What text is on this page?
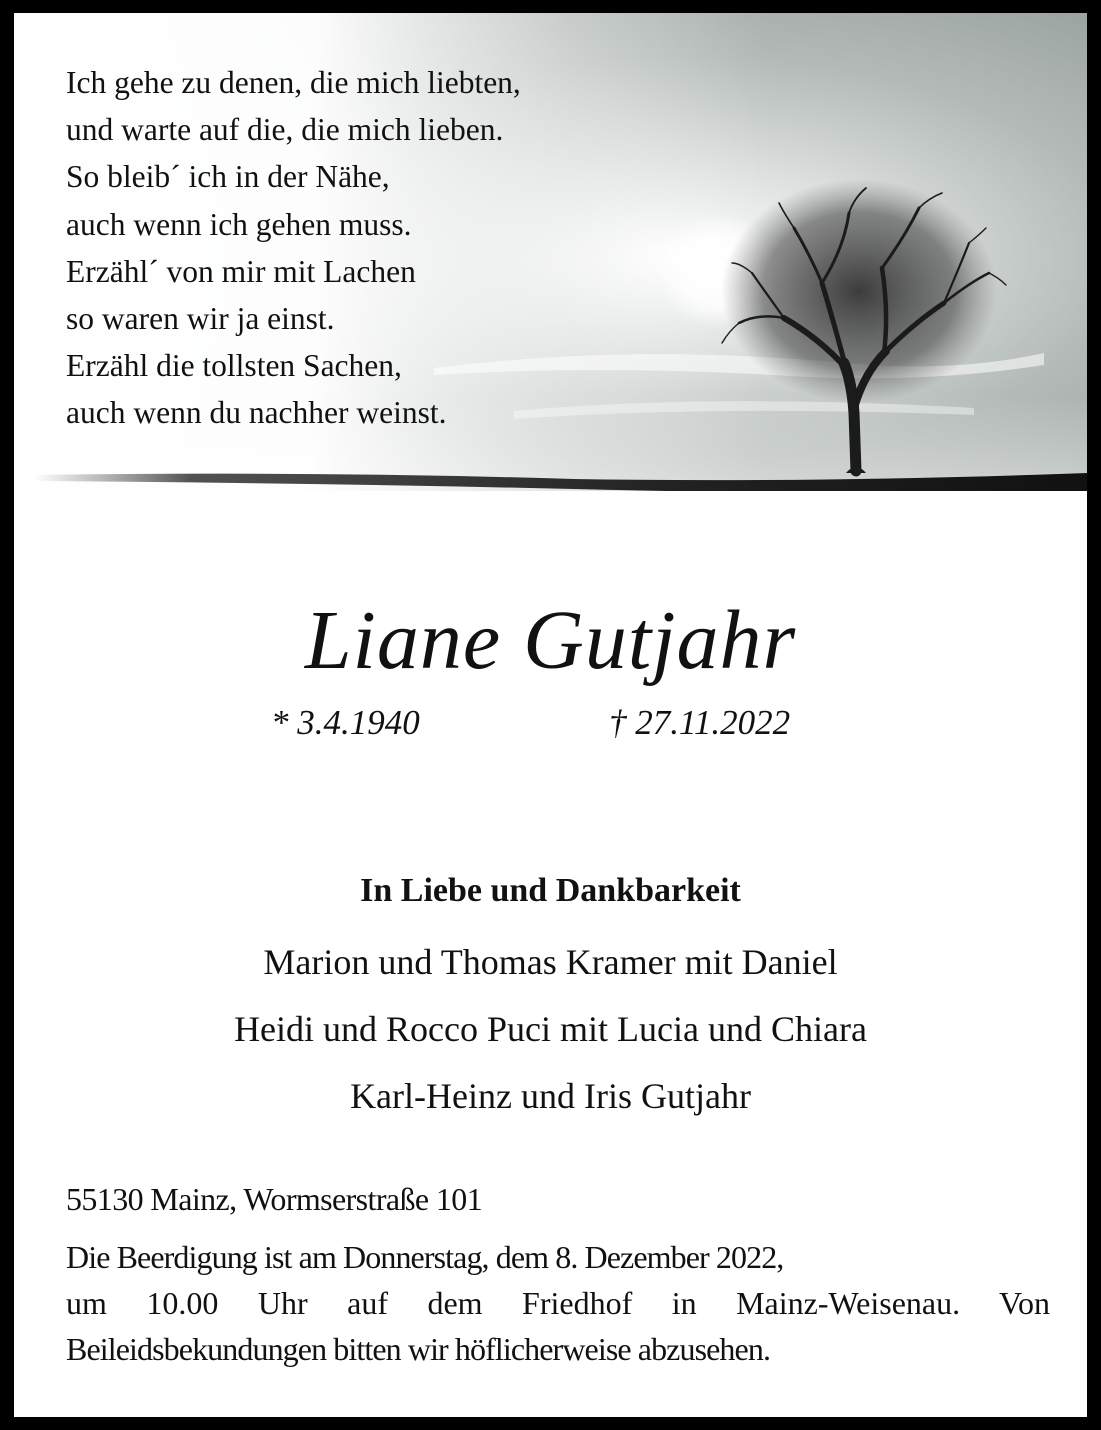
Ich gehe zu denen, die mich liebten,
und warte auf die, die mich lieben.
So bleib´ ich in der Nähe,
auch wenn ich gehen muss.
Erzähl´ von mir mit Lachen
so waren wir ja einst.
Erzähl die tollsten Sachen,
auch wenn du nachher weinst.
Liane Gutjahr
* 3.4.1940	† 27.11.2022
In Liebe und Dankbarkeit
Marion und Thomas Kramer mit Daniel
Heidi und Rocco Puci mit Lucia und Chiara
Karl-Heinz und Iris Gutjahr
55130 Mainz, Wormserstraße 101
Die Beerdigung ist am Donnerstag, dem 8. Dezember 2022,
um 10.00 Uhr auf dem Friedhof in Mainz-Weisenau. Von
Beileidsbekundungen bitten wir höflicherweise abzusehen.
